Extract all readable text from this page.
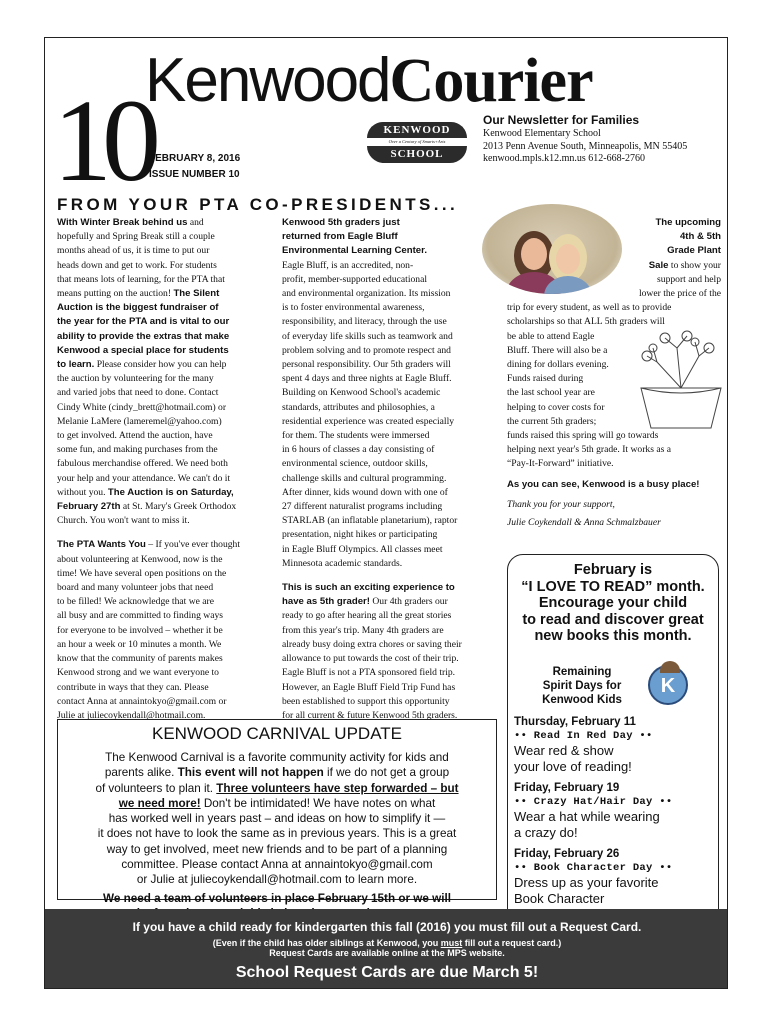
10
KenwoodCourier
FEBRUARY 8, 2016
ISSUE NUMBER 10
KENWOOD
Over a Century of Smarts+Arts
SCHOOL
Our Newsletter for Families
Kenwood Elementary School
2013 Penn Avenue South, Minneapolis, MN 55405
kenwood.mpls.k12.mn.us 612-668-2760
FROM YOUR PTA CO-PRESIDENTS...
With Winter Break behind us and
hopefully and Spring Break still a couple
months ahead of us, it is time to put our
heads down and get to work. For students
that means lots of learning, for the PTA that
means putting on the auction! The Silent
Auction is the biggest fundraiser of
the year for the PTA and is vital to our
ability to provide the extras that make
Kenwood a special place for students
to learn. Please consider how you can help
the auction by volunteering for the many
and varied jobs that need to done. Contact
Cindy White (cindy_brett@hotmail.com) or
Melanie LaMere (lameremel@yahoo.com)
to get involved. Attend the auction, have
some fun, and making purchases from the
fabulous merchandise offered. We need both
your help and your attendance. We can't do it
without you. The Auction is on Saturday,
February 27th at St. Mary's Greek Orthodox
Church. You won't want to miss it.
The PTA Wants You – If you've ever thought
about volunteering at Kenwood, now is the
time! We have several open positions on the
board and many volunteer jobs that need
to be filled! We acknowledge that we are
all busy and are committed to finding ways
for everyone to be involved – whether it be
an hour a week or 10 minutes a month. We
know that the community of parents makes
Kenwood strong and we want everyone to
contribute in ways that they can. Please
contact Anna at annaintokyo@gmail.com or
Julie at juliecoykendall@hotmail.com.
Kenwood 5th graders just
returned from Eagle Bluff
Environmental Learning Center.
Eagle Bluff, is an accredited, non-
profit, member-supported educational
and environmental organization. Its mission
is to foster environmental awareness,
responsibility, and literacy, through the use
of everyday life skills such as teamwork and
problem solving and to promote respect and
personal responsibility. Our 5th graders will
spent 4 days and three nights at Eagle Bluff.
Building on Kenwood School's academic
standards, attributes and philosophies, a
residential experience was created especially
for them. The students were immersed
in 6 hours of classes a day consisting of
environmental science, outdoor skills,
challenge skills and cultural programming.
After dinner, kids wound down with one of
27 different naturalist programs including
STARLAB (an inflatable planetarium), raptor
presentation, night hikes or participating
in Eagle Bluff Olympics. All classes meet
Minnesota academic standards.
This is such an exciting experience to
have as 5th grader! Our 4th graders our
ready to go after hearing all the great stories
from this year's trip. Many 4th graders are
already busy doing extra chores or saving their
allowance to put towards the cost of their trip.
Eagle Bluff is not a PTA sponsored field trip.
However, an Eagle Bluff Field Trip Fund has
been established to support this opportunity
for all current & future Kenwood 5th graders.
The upcoming
4th & 5th
Grade Plant
Sale to show your
support and help
lower the price of the
trip for every student, as well as to provide
scholarships so that ALL 5th graders will
be able to attend Eagle
Bluff. There will also be a
dining for dollars evening.
Funds raised during
the last school year are
helping to cover costs for
the current 5th graders;
funds raised this spring will go towards
helping next year's 5th grade. It works as a
“Pay-It-Forward” initiative.
As you can see, Kenwood is a busy place!
Thank you for your support,
Julie Coykendall & Anna Schmalzbauer
February is
“I LOVE TO READ” month.
Encourage your child
to read and discover great
new books this month.
Remaining
Spirit Days for
Kenwood Kids
K
Thursday, February 11
•• Read In Red Day ••
Wear red & show
your love of reading!
Friday, February 19
•• Crazy Hat/Hair Day ••
Wear a hat while wearing
a crazy do!
Friday, February 26
•• Book Character Day ••
Dress up as your favorite
Book Character
KENWOOD CARNIVAL UPDATE
The Kenwood Carnival is a favorite community activity for kids and
parents alike. This event will not happen if we do not get a group
of volunteers to plan it. Three volunteers have step forwarded – but
we need more! Don't be intimidated! We have notes on what
has worked well in years past – and ideas on how to simplify it —
it does not have to look the same as in previous years. This is a great
way to get involved, meet new friends and to be part of a planning
committee. Please contact Anna at annaintokyo@gmail.com
or Julie at juliecoykendall@hotmail.com to learn more.
We need a team of volunteers in place February 15th or we will
If you have a child ready for kindergarten this fall (2016) you must fill out a Request Card.
(Even if the child has older siblings at Kenwood, you must fill out a request card.)
Request Cards are available online at the MPS website.
School Request Cards are due March 5!
